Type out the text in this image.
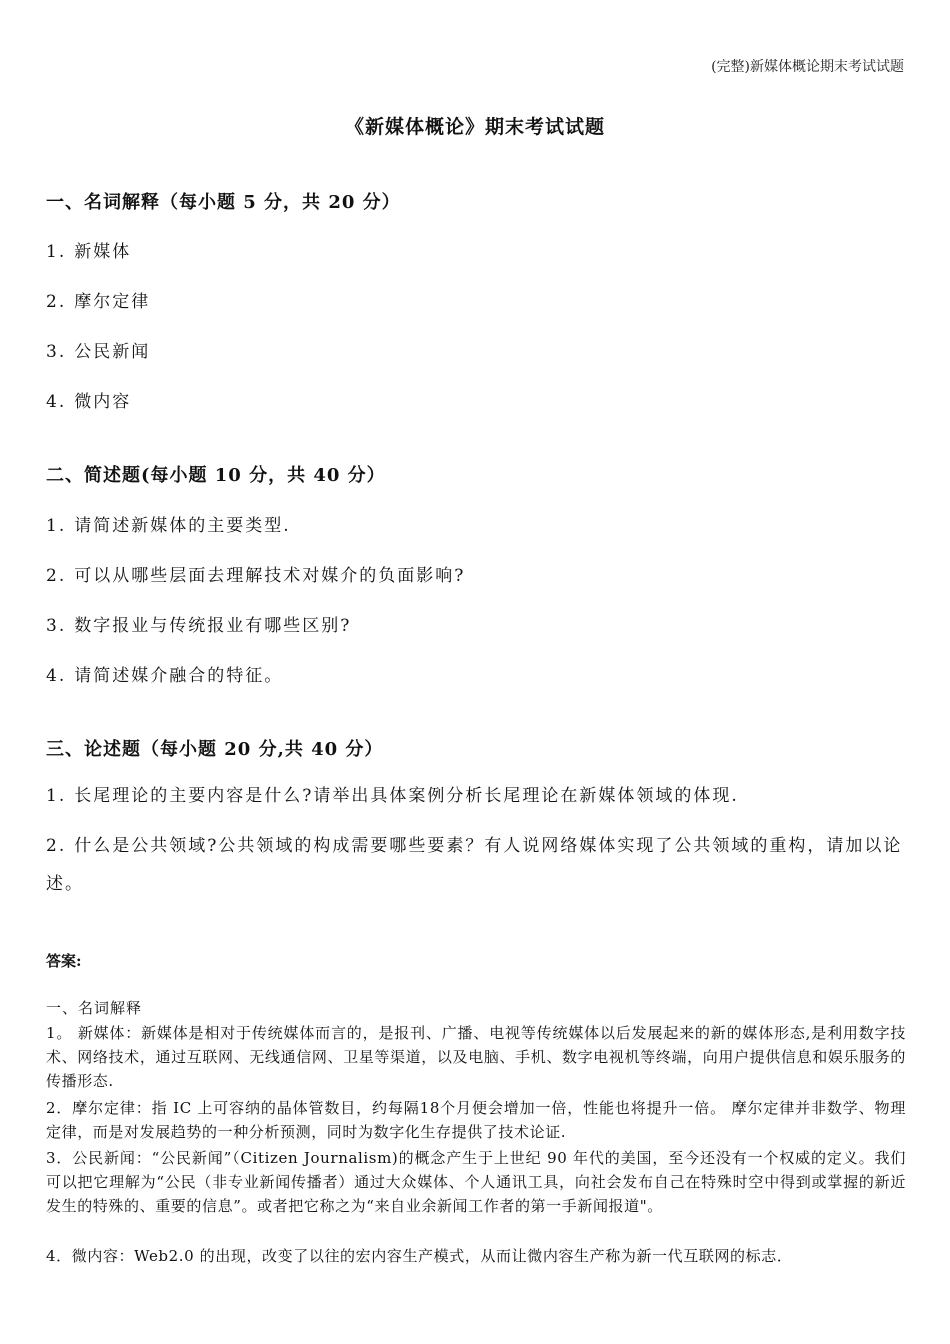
(完整)新媒体概论期末考试试题
《新媒体概论》期末考试试题
一、名词解释（每小题 5 分，共 20 分）
1. 新媒体
2. 摩尔定律
3. 公民新闻
4. 微内容
二、简述题(每小题 10 分，共 40 分）
1. 请简述新媒体的主要类型.
2. 可以从哪些层面去理解技术对媒介的负面影响?
3. 数字报业与传统报业有哪些区别?
4. 请简述媒介融合的特征。
三、论述题（每小题 20 分,共 40 分）
1. 长尾理论的主要内容是什么?请举出具体案例分析长尾理论在新媒体领域的体现.
2. 什么是公共领域?公共领域的构成需要哪些要素？有人说网络媒体实现了公共领域的重构，请加以论述。
答案:
一、名词解释
1。 新媒体：新媒体是相对于传统媒体而言的，是报刊、广播、电视等传统媒体以后发展起来的新的媒体形态,是利用数字技术、网络技术，通过互联网、无线通信网、卫星等渠道，以及电脑、手机、数字电视机等终端，向用户提供信息和娱乐服务的传播形态.
2．摩尔定律：指 IC 上可容纳的晶体管数目，约每隔18个月便会增加一倍，性能也将提升一倍。 摩尔定律并非数学、物理定律，而是对发展趋势的一种分析预测，同时为数字化生存提供了技术论证.
3．公民新闻：“公民新闻”（Citizen Journalism)的概念产生于上世纪 90 年代的美国，至今还没有一个权威的定义。我们可以把它理解为“公民（非专业新闻传播者）通过大众媒体、个人通讯工具，向社会发布自己在特殊时空中得到或掌握的新近发生的特殊的、重要的信息”。或者把它称之为“来自业余新闻工作者的第一手新闻报道"。
4．微内容：Web2.0 的出现，改变了以往的宏内容生产模式，从而让微内容生产称为新一代互联网的标志．
